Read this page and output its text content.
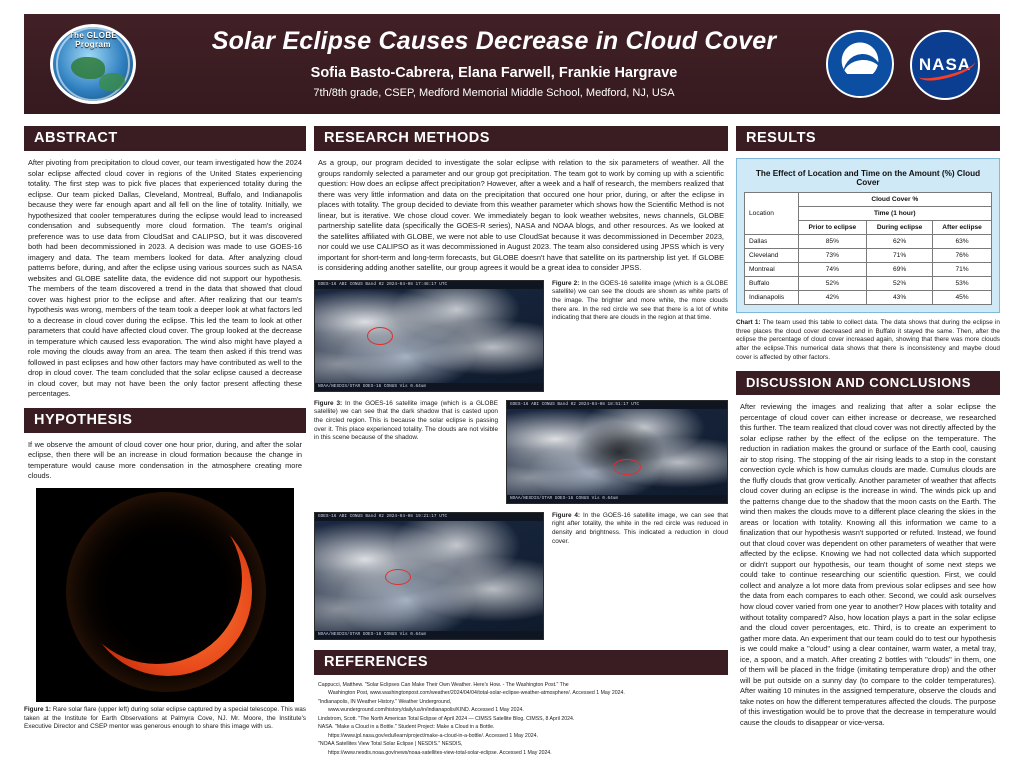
The GLOBE Program	Solar Eclipse Causes Decrease in Cloud Cover
Sofia Basto-Cabrera, Elana Farwell, Frankie Hargrave
7th/8th grade, CSEP, Medford Memorial Middle School, Medford, NJ, USA
NASA
ABSTRACT

After pivoting from precipitation to cloud cover, our team investigated how the 2024 solar eclipse affected cloud cover in regions of the United States experiencing totality. The first step was to pick five places that experienced totality during the eclipse. Our team picked Dallas, Cleveland, Montreal, Buffalo, and Indianapolis because they were far enough apart and all fell on the line of totality. Initially, we hypothesized that cooler temperatures during the eclipse would lead to increased condensation and subsequently more cloud formation. The team's original preference was to use data from CloudSat and CALIPSO, but it was discovered both had been decommissioned in 2023. A decision was made to use GOES-16 imagery and data. The team members looked for data. After analyzing cloud patterns before, during, and after the eclipse using various sources such as NASA websites and GLOBE satellite data, the evidence did not support our hypothesis. The members of the team discovered a trend in the data that showed that cloud cover was highest prior to the eclipse and after. After realizing that our team's hypothesis was wrong, members of the team took a deeper look at what factors led to a decrease in cloud cover during the eclipse. This led the team to look at other parameters that could have affected cloud cover. The group looked at the decrease in temperature which caused less evaporation. The wind also might have played a role moving the clouds away from an area. The team then asked if this trend was followed in past eclipses and how other factors may have contributed as well to the drop in cloud cover. The team concluded that the solar eclipse caused a decrease in cloud cover, but may not have been the only factor present affecting these percentages.

HYPOTHESIS

If we observe the amount of cloud cover one hour prior, during, and after the solar eclipse, then there will be an increase in cloud formation because the change in temperature would cause more condensation in the atmosphere creating more clouds.

Figure 1: Rare solar flare (upper left) during solar eclipse captured by a special telescope. This was taken at the Institute for Earth Observations at Palmyra Cove, NJ. Mr. Moore, the Institute's Executive Director and CSEP mentor was generous enough to share this image with us.
RESEARCH METHODS

As a group, our program decided to investigate the solar eclipse with relation to the six parameters of weather. All the groups randomly selected a parameter and our group got precipitation. The team got to work by coming up with a scientific question: How does an eclipse affect precipitation? However, after a week and a half of research, the members realized that there was very little information and data on the precipitation that occured one hour prior, during, or after the eclipse in places with totality. The group decided to deviate from this weather parameter which shows how the Scientific Method is not linear, but is iterative. We chose cloud cover. We immediately began to look weather websites, news channels, GLOBE partnership satellite data (specifically the GOES-R series), NASA and NOAA blogs, and other resources. As we looked at the satellites affiliated with GLOBE, we were not able to use CloudSat because it was decommissioned in December 2023, nor could we use CALIPSO as it was decommissioned in August 2023. The team also considered using JPSS which is very important for short-term and long-term forecasts, but GLOBE doesn't have that satellite on its partnership list yet. If GLOBE is considering adding another satellite, our group agrees it would be a great idea to consider JPSS.

GOES-16 ABI CONUS Band 02 2024-04-08 17:46:17 UTC
NOAA/NESDIS/STAR GOES-16 CONUS Vis 0.64um
Figure 2: In the GOES-16 satellite image (which is a GLOBE satellite) we can see the clouds are shown as white parts of the image. The brighter and more white, the more clouds there are. In the red circle we see that there is a lot of white indicating that there are clouds in the region at that time.
Figure 3: In the GOES-16 satellite image (which is a GLOBE satellite) we can see that the dark shadow that is casted upon the circled region. This is because the solar eclipse is passing over it. This place experienced totality. The clouds are not visible in this scene because of the shadow.
GOES-16 ABI CONUS Band 02 2024-04-08 18:51:17 UTC
NOAA/NESDIS/STAR GOES-16 CONUS Vis 0.64um
GOES-16 ABI CONUS Band 02 2024-04-08 19:21:17 UTC
NOAA/NESDIS/STAR GOES-16 CONUS Vis 0.64um
Figure 4: In the GOES-16 satellite image, we can see that right after totality, the white in the red circle was reduced in density and brightness. This indicated a reduction in cloud cover.
REFERENCES
Cappucci, Matthew. "Solar Eclipses Can Make Their Own Weather. Here's How. - The Washington Post." The
Washington Post, www.washingtonpost.com/weather/2024/04/04/total-solar-eclipse-weather-atmosphere/. Accessed 1 May 2024.
"Indianapolis, IN Weather History." Weather Underground,
www.wunderground.com/history/daily/us/in/indianapolis/KIND. Accessed 1 May 2024.
Lindstrom, Scott. "The North American Total Eclipse of April 2024 — CIMSS Satellite Blog. CIMSS, 8 April 2024.
NASA. "Make a Cloud in a Bottle." Student Project: Make a Cloud in a Bottle.
https://www.jpl.nasa.gov/edu/learn/project/make-a-cloud-in-a-bottle/. Accessed 1 May 2024.
"NOAA Satellites View Total Solar Eclipse | NESDIS." NESDIS,
https://www.nesdis.noaa.gov/news/noaa-satellites-view-total-solar-eclipse. Accessed 1 May 2024.
RESULTS
The Effect of Location and Time on the Amount (%) Cloud Cover
Location	Cloud Cover %		
	Time (1 hour)		
	Prior to eclipse	During eclipse	After eclipse
Dallas	85%	62%	63%
Cleveland	73%	71%	76%
Montreal	74%	69%	71%
Buffalo	52%	52%	53%
Indianapolis	42%	43%	45%
Chart 1: The team used this table to collect data. The data shows that during the eclipse in three places the cloud cover decreased and in Buffalo it stayed the same. Then, after the eclipse the percentage of cloud cover increased again, showing that there was more clouds after the eclipse.This numerical data shows that there is inconsistency and maybe cloud cover is affected by other factors.
DISCUSSION AND CONCLUSIONS

After reviewing the images and realizing that after a solar eclipse the percentage of cloud cover can either increase or decrease, we researched this further. The team realized that cloud cover was not directly affected by the solar eclipse rather by the effect of the eclipse on the temperature. The reduction in radiation makes the ground or surface of the Earth cool, causing air to stop rising. The stopping of the air rising leads to a stop in the constant convection cycle which is how cumulus clouds are made. Cumulus clouds are the fluffy clouds that grow vertically. Another parameter of weather that affects cloud cover during an eclipse is the increase in wind. The winds pick up and the patterns change due to the shadow that the moon casts on the Earth. The wind then makes the clouds move to a different place clearing the skies in the areas or location with totality. Knowing all this information we came to a finalization that our hypothesis wasn't supported or refuted. Instead, we found out that cloud cover was dependent on other parameters of weather that were affected by the eclipse. Knowing we had not collected data which supported or didn't support our hypothesis, our team thought of some next steps we could take to continue researching our scientific question. First, we could collect and analyze a lot more data from previous solar eclipses and see how the data from each compares to each other. Second, we could ask ourselves how cloud cover varied from one year to another? How places with totality and without totality compared? Also, how location plays a part in the solar eclipse and the cloud cover percentages, etc. Third, is to create an experiment to gather more data. An experiment that our team could do to test our hypothesis is we could make a "cloud" using a clear container, warm water, a metal tray, ice, a spoon, and a match. After creating 2 bottles with "clouds" in them, one of them will be placed in the fridge (imitating temperature drop) and the other will be put outside on a sunny day (to compare to the colder temperatures). After waiting 10 minutes in the assigned temperature, observe the clouds and take notes on how the different temperatures affected the clouds. The purpose of this investigation would be to prove that the decrease in temperature would cause the clouds to disappear or vice-versa.
